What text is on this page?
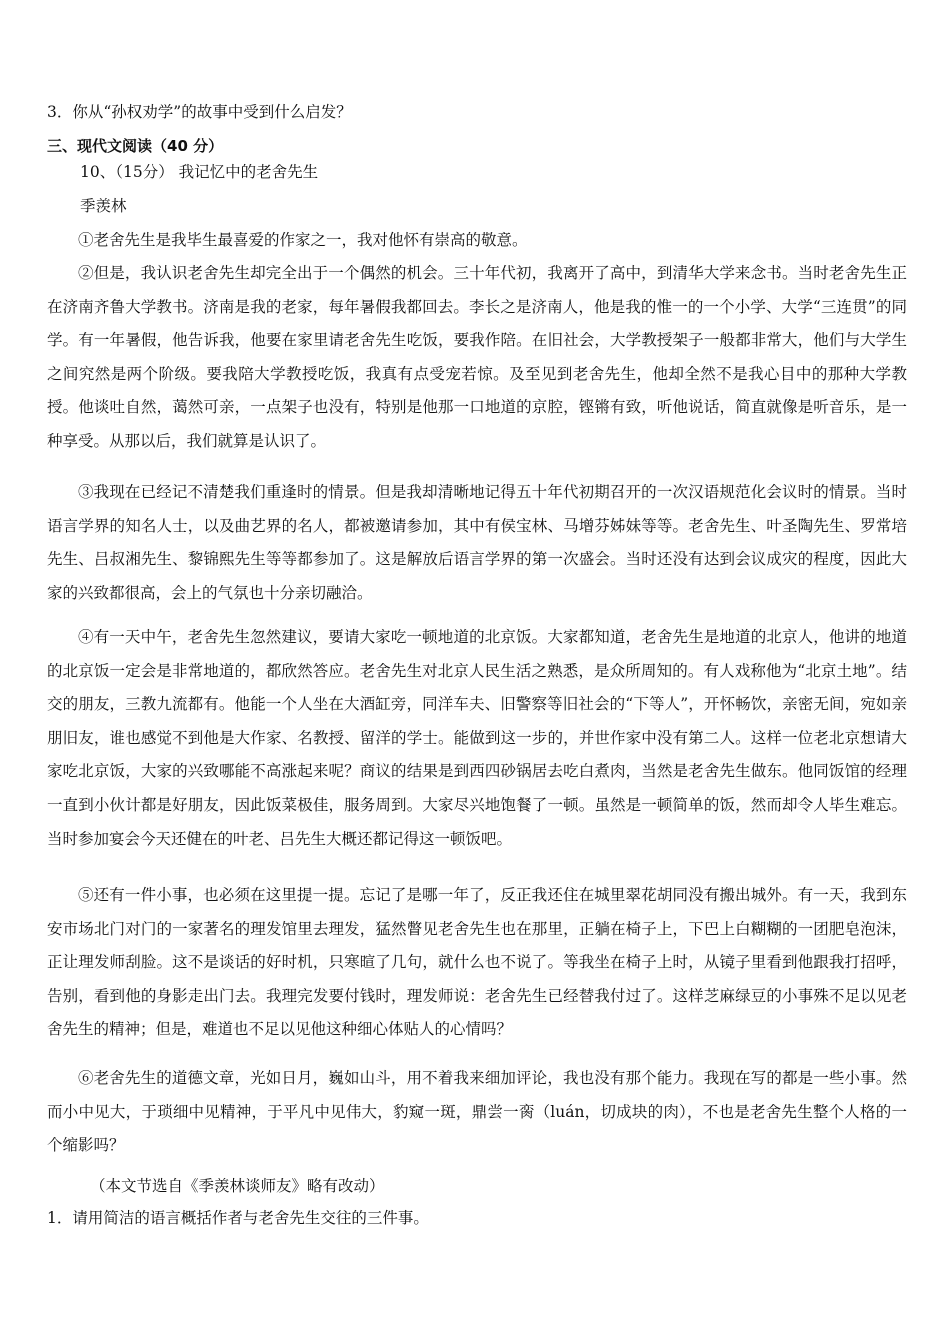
3．你从“孙权劝学”的故事中受到什么启发？
三、现代文阅读（40 分）
10、（15分） 我记忆中的老舍先生
季羡林

①老舍先生是我毕生最喜爱的作家之一，我对他怀有崇高的敬意。

②但是，我认识老舍先生却完全出于一个偶然的机会。三十年代初，我离开了高中，到清华大学来念书。当时老舍先生正在济南齐鲁大学教书。济南是我的老家，每年暑假我都回去。李长之是济南人，他是我的惟一的一个小学、大学“三连贯”的同学。有一年暑假，他告诉我，他要在家里请老舍先生吃饭，要我作陪。在旧社会，大学教授架子一般都非常大，他们与大学生之间究然是两个阶级。要我陪大学教授吃饭，我真有点受宠若惊。及至见到老舍先生，他却全然不是我心目中的那种大学教授。他谈吐自然，蔼然可亲，一点架子也没有，特别是他那一口地道的京腔，铿锵有致，听他说话，简直就像是听音乐，是一种享受。从那以后，我们就算是认识了。

③我现在已经记不清楚我们重逢时的情景。但是我却清晰地记得五十年代初期召开的一次汉语规范化会议时的情景。当时语言学界的知名人士，以及曲艺界的名人，都被邀请参加，其中有侯宝林、马增芬姊妹等等。老舍先生、叶圣陶先生、罗常培先生、吕叔湘先生、黎锦熙先生等等都参加了。这是解放后语言学界的第一次盛会。当时还没有达到会议成灾的程度，因此大家的兴致都很高，会上的气氛也十分亲切融洽。

④有一天中午，老舍先生忽然建议，要请大家吃一顿地道的北京饭。大家都知道，老舍先生是地道的北京人，他讲的地道的北京饭一定会是非常地道的，都欣然答应。老舍先生对北京人民生活之熟悉，是众所周知的。有人戏称他为“北京土地”。结交的朋友，三教九流都有。他能一个人坐在大酒缸旁，同洋车夫、旧警察等旧社会的“下等人”，开怀畅饮，亲密无间，宛如亲朋旧友，谁也感觉不到他是大作家、名教授、留洋的学士。能做到这一步的，并世作家中没有第二人。这样一位老北京想请大家吃北京饭，大家的兴致哪能不高涨起来呢？商议的结果是到西四砂锅居去吃白煮肉，当然是老舍先生做东。他同饭馆的经理一直到小伙计都是好朋友，因此饭菜极佳，服务周到。大家尽兴地饱餐了一顿。虽然是一顿简单的饭，然而却令人毕生难忘。当时参加宴会今天还健在的叶老、吕先生大概还都记得这一顿饭吧。

⑤还有一件小事，也必须在这里提一提。忘记了是哪一年了，反正我还住在城里翠花胡同没有搬出城外。有一天，我到东安市场北门对门的一家著名的理发馆里去理发，猛然瞥见老舍先生也在那里，正躺在椅子上，下巴上白糊糊的一团肥皂泡沫，正让理发师刮脸。这不是谈话的好时机，只寒暄了几句，就什么也不说了。等我坐在椅子上时，从镜子里看到他跟我打招呼，告别，看到他的身影走出门去。我理完发要付钱时，理发师说：老舍先生已经替我付过了。这样芝麻绿豆的小事殊不足以见老舍先生的精神；但是，难道也不足以见他这种细心体贴人的心情吗？

⑥老舍先生的道德文章，光如日月，巍如山斗，用不着我来细加评论，我也没有那个能力。我现在写的都是一些小事。然而小中见大，于琐细中见精神，于平凡中见伟大，豹窥一斑，鼎尝一脔（luán，切成块的肉），不也是老舍先生整个人格的一个缩影吗？

（本文节选自《季羡林谈师友》略有改动）
1．请用简洁的语言概括作者与老舍先生交往的三件事。
